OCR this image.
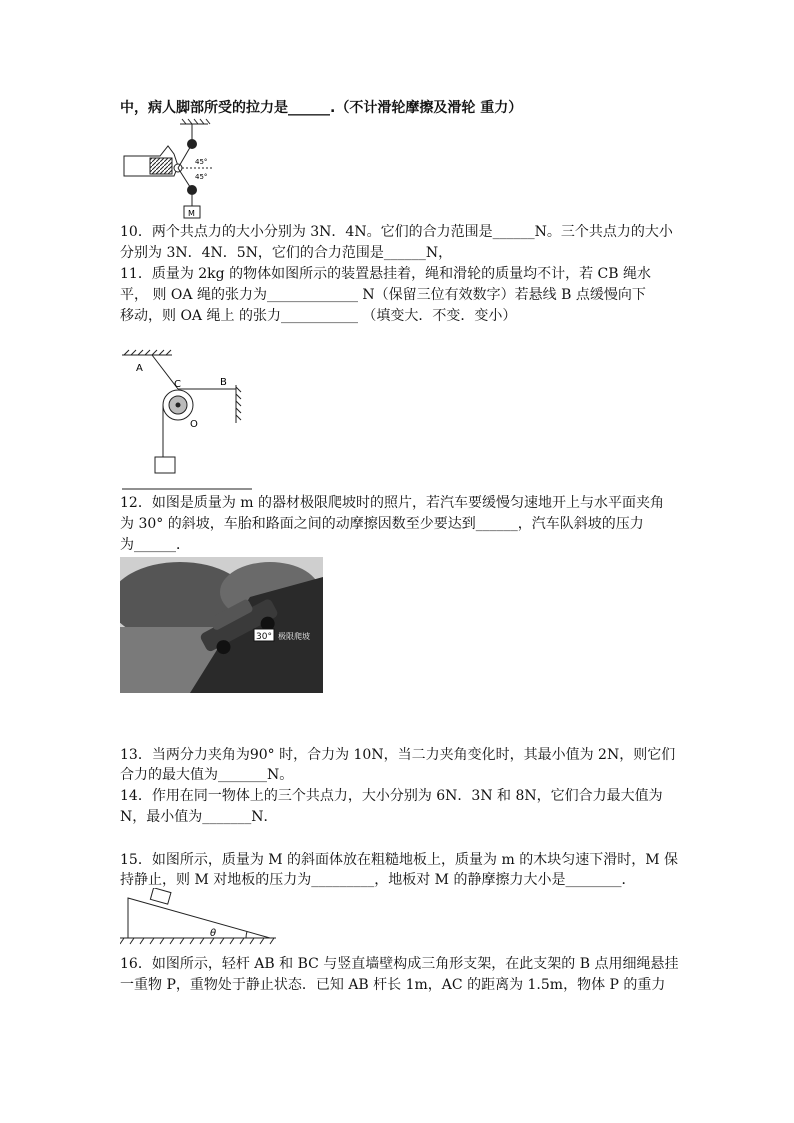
中，病人脚部所受的拉力是______.（不计滑轮摩擦及滑轮 重力）
M
45°
45°
10．两个共点力的大小分别为 3N．4N。它们的合力范围是______N。三个共点力的大小
分别为 3N．4N．5N，它们的合力范围是______N，
11．质量为 2kg 的物体如图所示的装置悬挂着，绳和滑轮的质量均不计，若 CB 绳水
平， 则 OA 绳的张力为_____________ N（保留三位有效数字）若悬线 B 点缓慢向下
移动，则 OA 绳上 的张力___________ （填变大．不变．变小）
A
B
C
O
12．如图是质量为 m 的器材极限爬坡时的照片，若汽车要缓慢匀速地开上与水平面夹角
为 30° 的斜坡，车胎和路面之间的动摩擦因数至少要达到______，汽车队斜坡的压力
为______．
30° 极限爬坡
13．当两分力夹角为90° 时，合力为 10N，当二力夹角变化时，其最小值为 2N，则它们
合力的最大值为_______N。
14．作用在同一物体上的三个共点力，大小分别为 6N．3N 和 8N，它们合力最大值为
N，最小值为_______N．
15．如图所示，质量为 M 的斜面体放在粗糙地板上，质量为 m 的木块匀速下滑时，M 保
持静止，则 M 对地板的压力为_________，地板对 M 的静摩擦力大小是________．
θ
16．如图所示，轻杆 AB 和 BC 与竖直墙壁构成三角形支架，在此支架的 B 点用细绳悬挂
一重物 P，重物处于静止状态．已知 AB 杆长 1m，AC 的距离为 1.5m，物体 P 的重力
